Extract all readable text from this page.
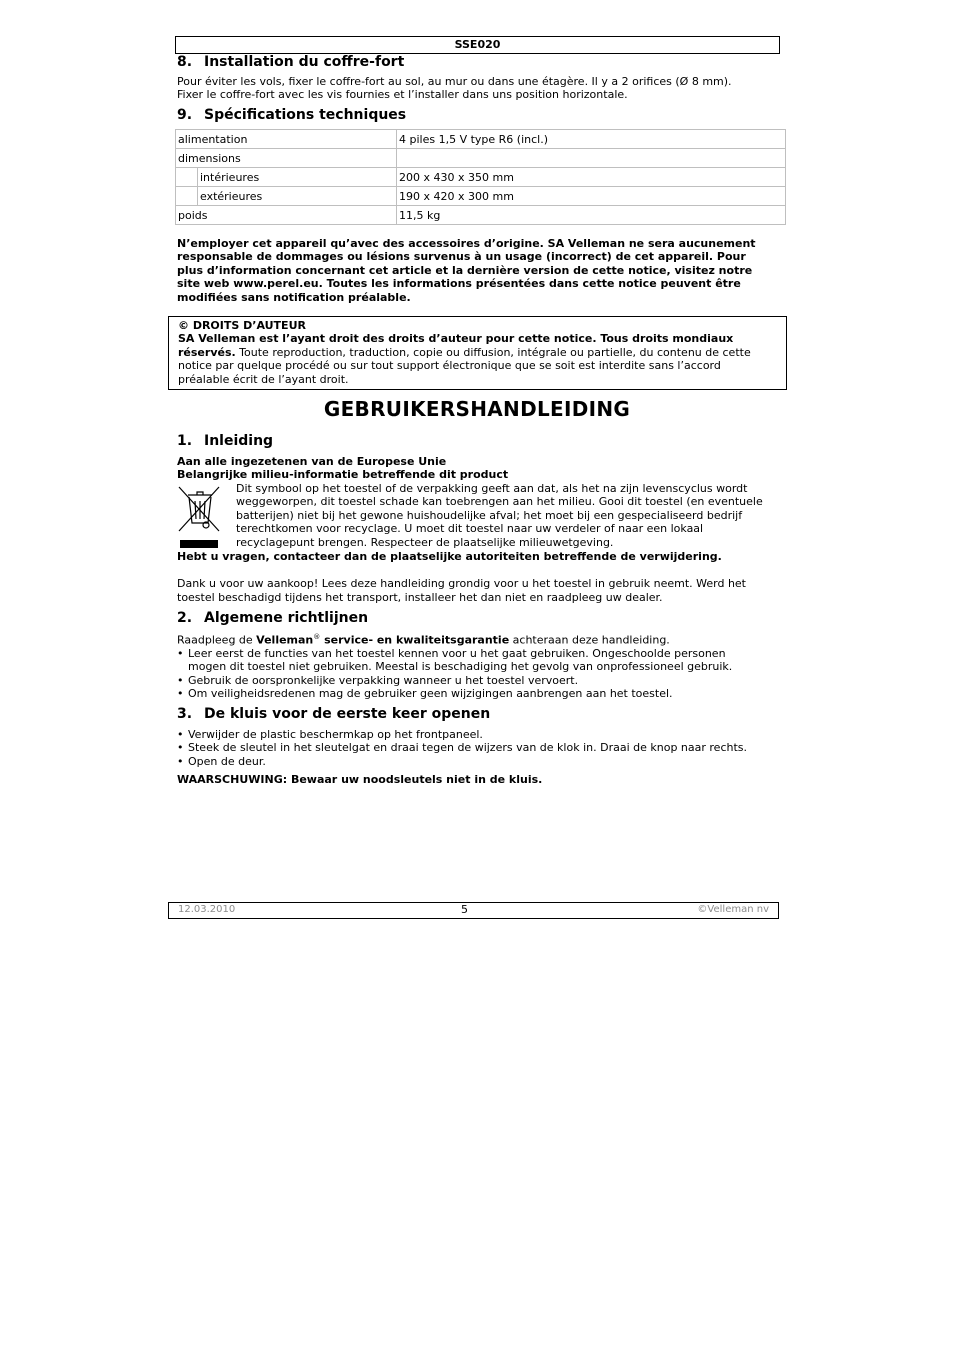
SSE020
8. Installation du coffre-fort

Pour éviter les vols, fixer le coffre-fort au sol, au mur ou dans une étagère. Il y a 2 orifices (Ø 8 mm).

Fixer le coffre-fort avec les vis fournies et l’installer dans uns position horizontale.

9. Spécifications techniques
alimentation		4 piles 1,5 V type R6 (incl.)
dimensions		
	intérieures	200 x 430 x 350 mm
	extérieures	190 x 420 x 300 mm
poids		11,5 kg

N’employer cet appareil qu’avec des accessoires d’origine. SA Velleman ne sera aucunement

responsable de dommages ou lésions survenus à un usage (incorrect) de cet appareil. Pour

plus d’information concernant cet article et la dernière version de cette notice, visitez notre

site web www.perel.eu. Toutes les informations présentées dans cette notice peuvent être

modifiées sans notification préalable.

© DROITS D’AUTEUR

SA Velleman est l’ayant droit des droits d’auteur pour cette notice. Tous droits mondiaux

réservés. Toute reproduction, traduction, copie ou diffusion, intégrale ou partielle, du contenu de cette

notice par quelque procédé ou sur tout support électronique que se soit est interdite sans l’accord

préalable écrit de l’ayant droit.

GEBRUIKERSHANDLEIDING
1. Inleiding

Aan alle ingezetenen van de Europese Unie

Belangrijke milieu-informatie betreffende dit product

Dit symbool op het toestel of de verpakking geeft aan dat, als het na zijn levenscyclus wordt

weggeworpen, dit toestel schade kan toebrengen aan het milieu. Gooi dit toestel (en eventuele

batterijen) niet bij het gewone huishoudelijke afval; het moet bij een gespecialiseerd bedrijf

terechtkomen voor recyclage. U moet dit toestel naar uw verdeler of naar een lokaal

recyclagepunt brengen. Respecteer de plaatselijke milieuwetgeving.

Hebt u vragen, contacteer dan de plaatselijke autoriteiten betreffende de verwijdering.

Dank u voor uw aankoop! Lees deze handleiding grondig voor u het toestel in gebruik neemt. Werd het

toestel beschadigd tijdens het transport, installeer het dan niet en raadpleeg uw dealer.

2. Algemene richtlijnen

Raadpleeg de Velleman® service- en kwaliteitsgarantie achteraan deze handleiding.

• Leer eerst de functies van het toestel kennen voor u het gaat gebruiken. Ongeschoolde personen
mogen dit toestel niet gebruiken. Meestal is beschadiging het gevolg van onprofessioneel gebruik.
• Gebruik de oorspronkelijke verpakking wanneer u het toestel vervoert.
• Om veiligheidsredenen mag de gebruiker geen wijzigingen aanbrengen aan het toestel.
3. De kluis voor de eerste keer openen
• Verwijder de plastic beschermkap op het frontpaneel.
• Steek de sleutel in het sleutelgat en draai tegen de wijzers van de klok in. Draai de knop naar rechts.
• Open de deur.

WAARSCHUWING: Bewaar uw noodsleutels niet in de kluis.

12.03.2010	5	©Velleman nv
